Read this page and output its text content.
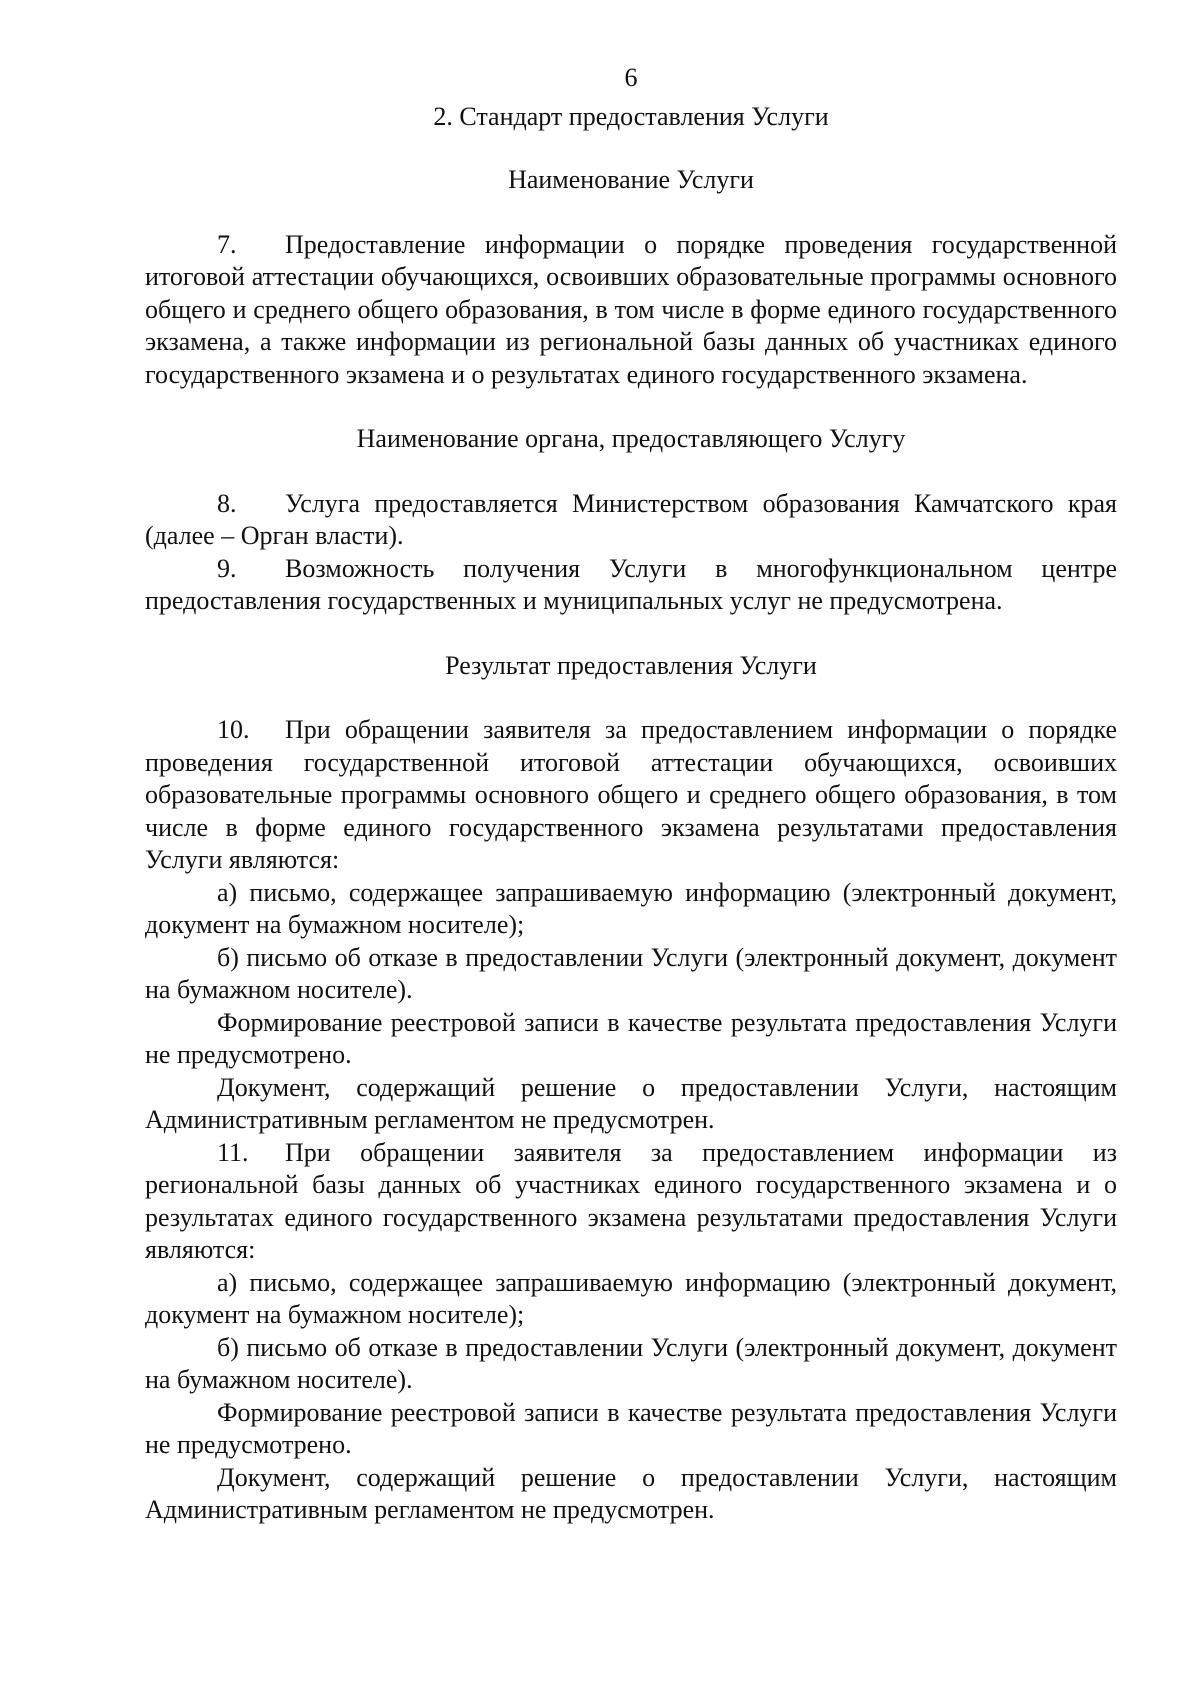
6
2. Стандарт предоставления Услуги
Наименование Услуги
7. Предоставление информации о порядке проведения государственной итоговой аттестации обучающихся, освоивших образовательные программы основного общего и среднего общего образования, в том числе в форме единого государственного экзамена, а также информации из региональной базы данных об участниках единого государственного экзамена и о результатах единого государственного экзамена.
Наименование органа, предоставляющего Услугу
8. Услуга предоставляется Министерством образования Камчатского края (далее – Орган власти).
9. Возможность получения Услуги в многофункциональном центре предоставления государственных и муниципальных услуг не предусмотрена.
Результат предоставления Услуги
10. При обращении заявителя за предоставлением информации о порядке проведения государственной итоговой аттестации обучающихся, освоивших образовательные программы основного общего и среднего общего образования, в том числе в форме единого государственного экзамена результатами предоставления Услуги являются:
а) письмо, содержащее запрашиваемую информацию (электронный документ, документ на бумажном носителе);
б) письмо об отказе в предоставлении Услуги (электронный документ, документ на бумажном носителе).
Формирование реестровой записи в качестве результата предоставления Услуги не предусмотрено.
Документ, содержащий решение о предоставлении Услуги, настоящим Административным регламентом не предусмотрен.
11. При обращении заявителя за предоставлением информации из региональной базы данных об участниках единого государственного экзамена и о результатах единого государственного экзамена результатами предоставления Услуги являются:
а) письмо, содержащее запрашиваемую информацию (электронный документ, документ на бумажном носителе);
б) письмо об отказе в предоставлении Услуги (электронный документ, документ на бумажном носителе).
Формирование реестровой записи в качестве результата предоставления Услуги не предусмотрено.
Документ, содержащий решение о предоставлении Услуги, настоящим Административным регламентом не предусмотрен.
